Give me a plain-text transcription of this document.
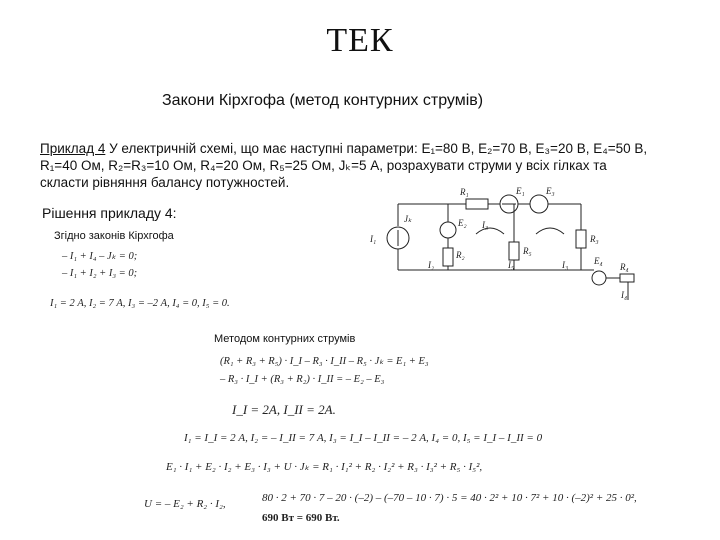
ТЕК
Закони Кірхгофа (метод контурних струмів)
Приклад 4 У електричній схемі, що має наступні параметри: E₁=80 В, E₂=70 В, E₃=20 В, E₄=50 В,
R₁=40 Ом, R₂=R₃=10 Ом, R₄=20 Ом, R₅=25 Ом, Jₖ=5 А, розрахувати струми у всіх гілках та
скласти рівняння балансу потужностей.
Рішення прикладу 4:
Згідно законів Кірхгофа
– I₁ + I₄ – Jₖ = 0;
– I₁ + I₂ + I₃ = 0;
I₁ = 2 А, I₂ = 7 А, I₃ = –2 А, I₄ = 0, I₅ = 0.
Методом контурних струмів
(R₁ + R₃ + R₅) · I_I – R₃ · I_II – R₅ · Jₖ = E₁ + E₃
– R₃ · I_I + (R₃ + R₂) · I_II = – E₂ – E₃
I_I = 2А, I_II = 2А.
I₁ = I_I = 2 А, I₂ = – I_II = 7 А, I₃ = I_I – I_II = – 2 А, I₄ = 0, I₅ = I_I – I_II = 0
E₁ · I₁ + E₂ · I₂ + E₃ · I₃ + U · Jₖ = R₁ · I₁² + R₂ · I₂² + R₃ · I₃² + R₅ · I₅²,
U = – E₂ + R₂ · I₂,	80 · 2 + 70 · 7 – 20 · (–2) – (–70 – 10 · 7) · 5 = 40 · 2² + 10 · 7² + 10 · (–2)² + 25 · 0²,
690 Вт = 690 Вт.
R₁	E₁ E₃
Jₖ	E₂
I₁
I₂
I₃
R₂
I₅
R₅
R₃
I₃	E₄
R₄
I₄
